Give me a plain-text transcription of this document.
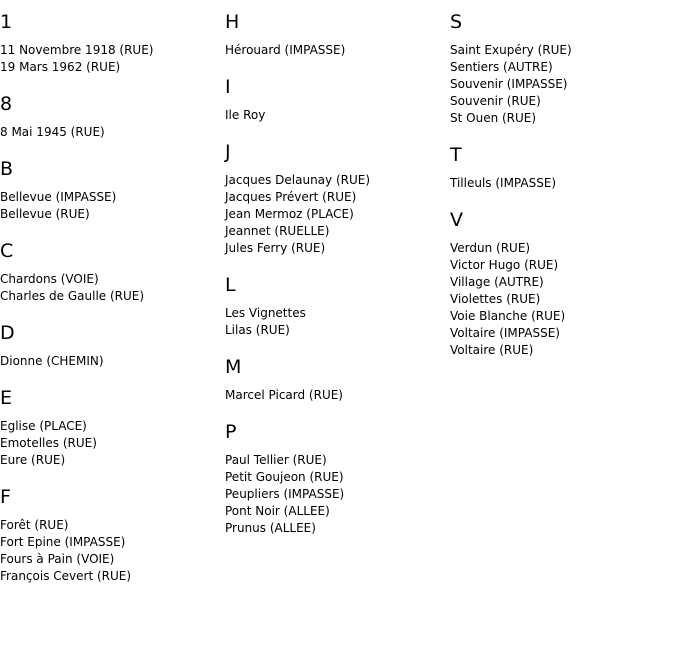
1
11 Novembre 1918 (RUE)
19 Mars 1962 (RUE)
8
8 Mai 1945 (RUE)
B
Bellevue (IMPASSE)
Bellevue (RUE)
C
Chardons (VOIE)
Charles de Gaulle (RUE)
D
Dionne (CHEMIN)
E
Eglise (PLACE)
Emotelles (RUE)
Eure (RUE)
F
Forêt (RUE)
Fort Epine (IMPASSE)
Fours à Pain (VOIE)
François Cevert (RUE)
H
Hérouard (IMPASSE)
I
Ile Roy
J
Jacques Delaunay (RUE)
Jacques Prévert (RUE)
Jean Mermoz (PLACE)
Jeannet (RUELLE)
Jules Ferry (RUE)
L
Les Vignettes
Lilas (RUE)
M
Marcel Picard (RUE)
P
Paul Tellier (RUE)
Petit Goujeon (RUE)
Peupliers (IMPASSE)
Pont Noir (ALLEE)
Prunus (ALLEE)
S
Saint Exupéry (RUE)
Sentiers (AUTRE)
Souvenir (IMPASSE)
Souvenir (RUE)
St Ouen (RUE)
T
Tilleuls (IMPASSE)
V
Verdun (RUE)
Victor Hugo (RUE)
Village (AUTRE)
Violettes (RUE)
Voie Blanche (RUE)
Voltaire (IMPASSE)
Voltaire (RUE)
